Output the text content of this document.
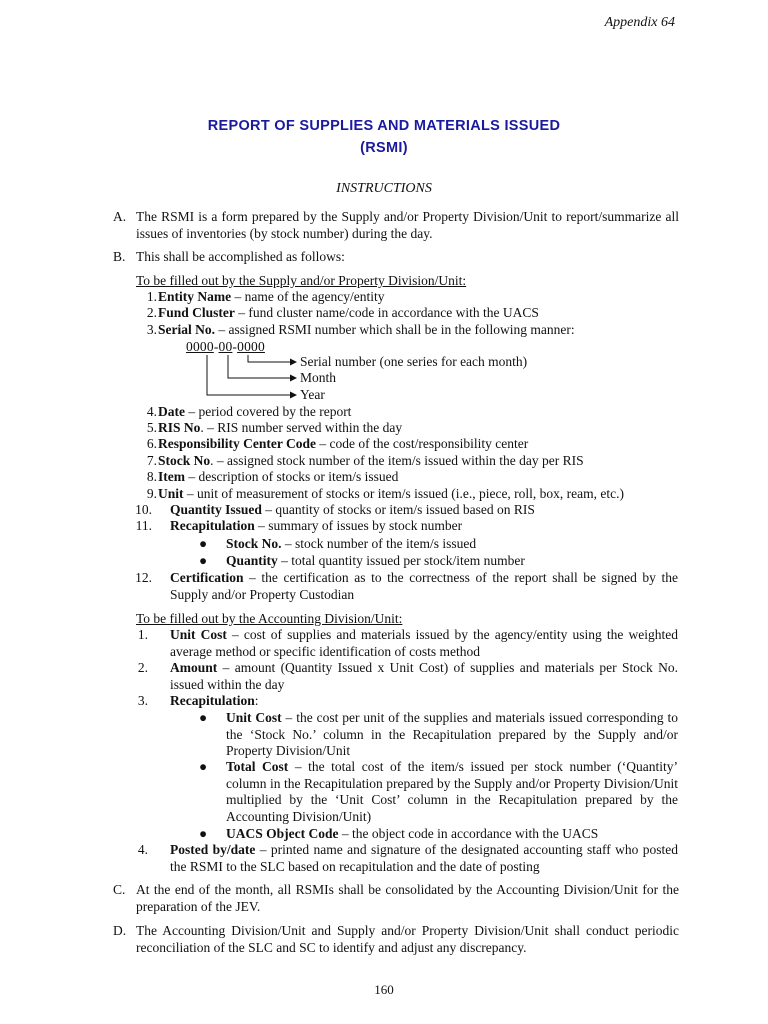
Appendix 64
REPORT OF SUPPLIES AND MATERIALS ISSUED
(RSMI)
INSTRUCTIONS
A. The RSMI is a form prepared by the Supply and/or Property Division/Unit to report/summarize all issues of inventories (by stock number) during the day.
B. This shall be accomplished as follows:
To be filled out by the Supply and/or Property Division/Unit:
1. Entity Name – name of the agency/entity
2. Fund Cluster – fund cluster name/code in accordance with the UACS
3. Serial No. – assigned RSMI number which shall be in the following manner:
0000-00-0000
Serial number (one series for each month)
Month
Year
4. Date – period covered by the report
5. RIS No. – RIS number served within the day
6. Responsibility Center Code – code of the cost/responsibility center
7. Stock No. – assigned stock number of the item/s issued within the day per RIS
8. Item – description of stocks or item/s issued
9. Unit – unit of measurement of stocks or item/s issued (i.e., piece, roll, box, ream, etc.)
10. Quantity Issued – quantity of stocks or item/s issued based on RIS
11. Recapitulation – summary of issues by stock number
● Stock No. – stock number of the item/s issued
● Quantity – total quantity issued per stock/item number
12. Certification – the certification as to the correctness of the report shall be signed by the Supply and/or Property Custodian
To be filled out by the Accounting Division/Unit:
1. Unit Cost – cost of supplies and materials issued by the agency/entity using the weighted average method or specific identification of costs method
2. Amount – amount (Quantity Issued x Unit Cost) of supplies and materials per Stock No. issued within the day
3. Recapitulation:
● Unit Cost – the cost per unit of the supplies and materials issued corresponding to the ‘Stock No.’ column in the Recapitulation prepared by the Supply and/or Property Division/Unit
● Total Cost – the total cost of the item/s issued per stock number (‘Quantity’ column in the Recapitulation prepared by the Supply and/or Property Division/Unit multiplied by the ‘Unit Cost’ column in the Recapitulation prepared by the Accounting Division/Unit)
● UACS Object Code – the object code in accordance with the UACS
4. Posted by/date – printed name and signature of the designated accounting staff who posted the RSMI to the SLC based on recapitulation and the date of posting
C. At the end of the month, all RSMIs shall be consolidated by the Accounting Division/Unit for the preparation of the JEV.
D. The Accounting Division/Unit and Supply and/or Property Division/Unit shall conduct periodic reconciliation of the SLC and SC to identify and adjust any discrepancy.
160
